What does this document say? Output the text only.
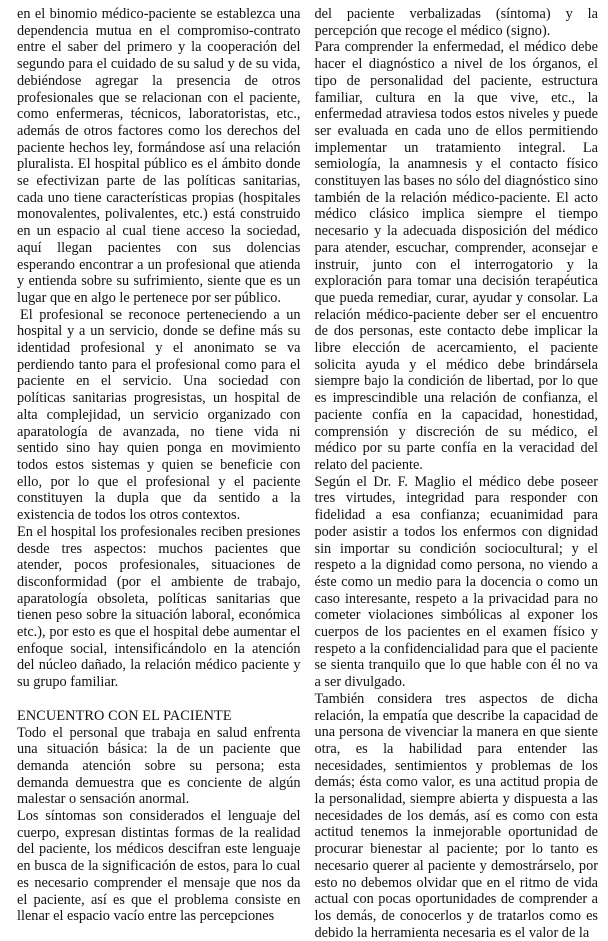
en el binomio médico-paciente se establezca una dependencia mutua en el compromiso-contrato entre el saber del primero y la cooperación del segundo para el cuidado de su salud y de su vida, debiéndose agregar la presencia de otros profesionales que se relacionan con el paciente, como enfermeras, técnicos, laboratoristas, etc., además de otros factores como los derechos del paciente hechos ley, formándose así una relación pluralista. El hospital público es el ámbito donde se efectivizan parte de las políticas sanitarias, cada uno tiene características propias (hospitales monovalentes, polivalentes, etc.) está construido en un espacio al cual tiene acceso la sociedad, aquí llegan pacientes con sus dolencias esperando encontrar a un profesional que atienda y entienda sobre su sufrimiento, siente que es un lugar que en algo le pertenece por ser público.

El profesional se reconoce perteneciendo a un hospital y a un servicio, donde se define más su identidad profesional y el anonimato se va perdiendo tanto para el profesional como para el paciente en el servicio. Una sociedad con políticas sanitarias progresistas, un hospital de alta complejidad, un servicio organizado con aparatología de avanzada, no tiene vida ni sentido sino hay quien ponga en movimiento todos estos sistemas y quien se beneficie con ello, por lo que el profesional y el paciente constituyen la dupla que da sentido a la existencia de todos los otros contextos.

En el hospital los profesionales reciben presiones desde tres aspectos: muchos pacientes que atender, pocos profesionales, situaciones de disconformidad (por el ambiente de trabajo, aparatología obsoleta, políticas sanitarias que tienen peso sobre la situación laboral, económica etc.), por esto es que el hospital debe aumentar el enfoque social, intensificándolo en la atención del núcleo dañado, la relación médico paciente y su grupo familiar.

ENCUENTRO CON EL PACIENTE

Todo el personal que trabaja en salud enfrenta una situación básica: la de un paciente que demanda atención sobre su persona; esta demanda demuestra que es conciente de algún malestar o sensación anormal.

Los síntomas son considerados el lenguaje del cuerpo, expresan distintas formas de la realidad del paciente, los médicos descifran este lenguaje en busca de la significación de estos, para lo cual es necesario comprender el mensaje que nos da el paciente, así es que el problema consiste en llenar el espacio vacío entre las percepciones

del paciente verbalizadas (síntoma) y la percepción que recoge el médico (signo).

Para comprender la enfermedad, el médico debe hacer el diagnóstico a nivel de los órganos, el tipo de personalidad del paciente, estructura familiar, cultura en la que vive, etc., la enfermedad atraviesa todos estos niveles y puede ser evaluada en cada uno de ellos permitiendo implementar un tratamiento integral. La semiología, la anamnesis y el contacto físico constituyen las bases no sólo del diagnóstico sino también de la relación médico-paciente. El acto médico clásico implica siempre el tiempo necesario y la adecuada disposición del médico para atender, escuchar, comprender, aconsejar e instruir, junto con el interrogatorio y la exploración para tomar una decisión terapéutica que pueda remediar, curar, ayudar y consolar. La relación médico-paciente deber ser el encuentro de dos personas, este contacto debe implicar la libre elección de acercamiento, el paciente solicita ayuda y el médico debe brindársela siempre bajo la condición de libertad, por lo que es imprescindible una relación de confianza, el paciente confía en la capacidad, honestidad, comprensión y discreción de su médico, el médico por su parte confía en la veracidad del relato del paciente.

Según el Dr. F. Maglio el médico debe poseer tres virtudes, integridad para responder con fidelidad a esa confianza; ecuanimidad para poder asistir a todos los enfermos con dignidad sin importar su condición sociocultural; y el respeto a la dignidad como persona, no viendo a éste como un medio para la docencia o como un caso interesante, respeto a la privacidad para no cometer violaciones simbólicas al exponer los cuerpos de los pacientes en el examen físico y respeto a la confidencialidad para que el paciente se sienta tranquilo que lo que hable con él no va a ser divulgado.

También considera tres aspectos de dicha relación, la empatía que describe la capacidad de una persona de vivenciar la manera en que siente otra, es la habilidad para entender las necesidades, sentimientos y problemas de los demás; ésta como valor, es una actitud propia de la personalidad, siempre abierta y dispuesta a las necesidades de los demás, así es como con esta actitud tenemos la inmejorable oportunidad de procurar bienestar al paciente; por lo tanto es necesario querer al paciente y demostrárselo, por esto no debemos olvidar que en el ritmo de vida actual con pocas oportunidades de comprender a los demás, de conocerlos y de tratarlos como es debido la herramienta necesaria es el valor de la
